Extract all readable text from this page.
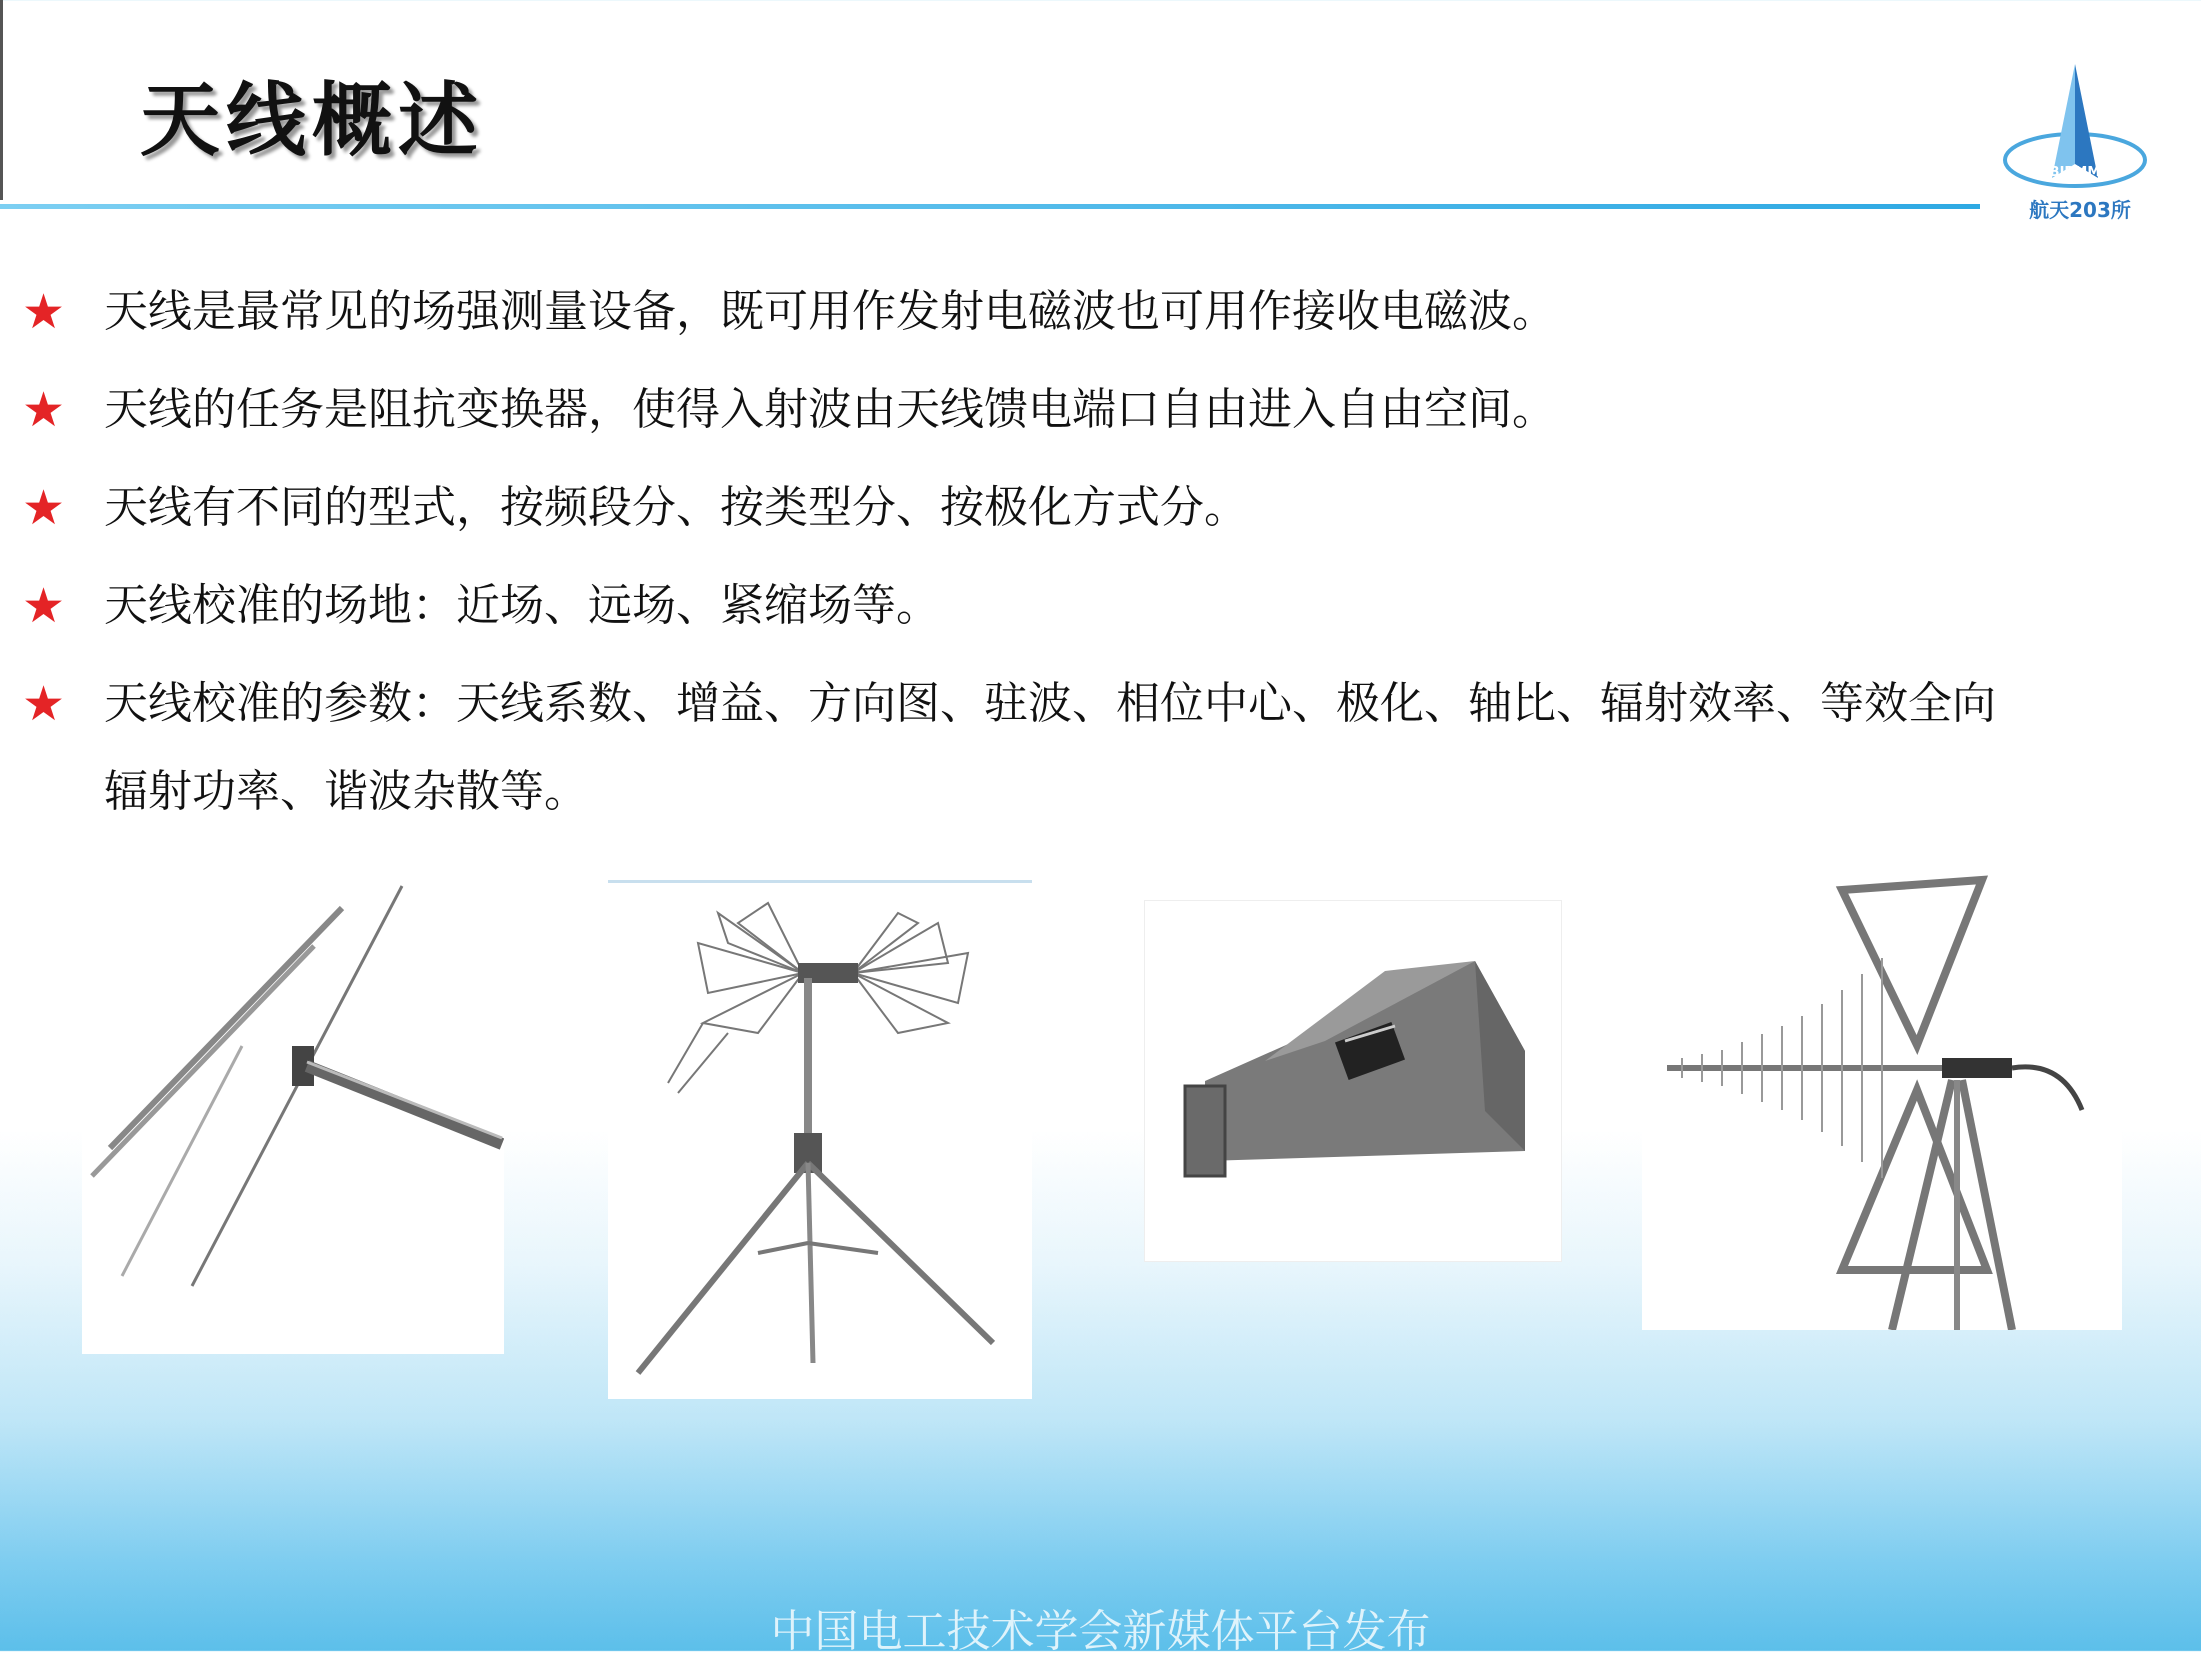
天线概述
BIRMM
航天203所
★ 天线是最常见的场强测量设备，既可用作发射电磁波也可用作接收电磁波。
★ 天线的任务是阻抗变换器，使得入射波由天线馈电端口自由进入自由空间。
★ 天线有不同的型式，按频段分、按类型分、按极化方式分。
★ 天线校准的场地：近场、远场、紧缩场等。
★ 天线校准的参数：天线系数、增益、方向图、驻波、相位中心、极化、轴比、辐射效率、等效全向辐射功率、谐波杂散等。
中国电工技术学会新媒体平台发布
